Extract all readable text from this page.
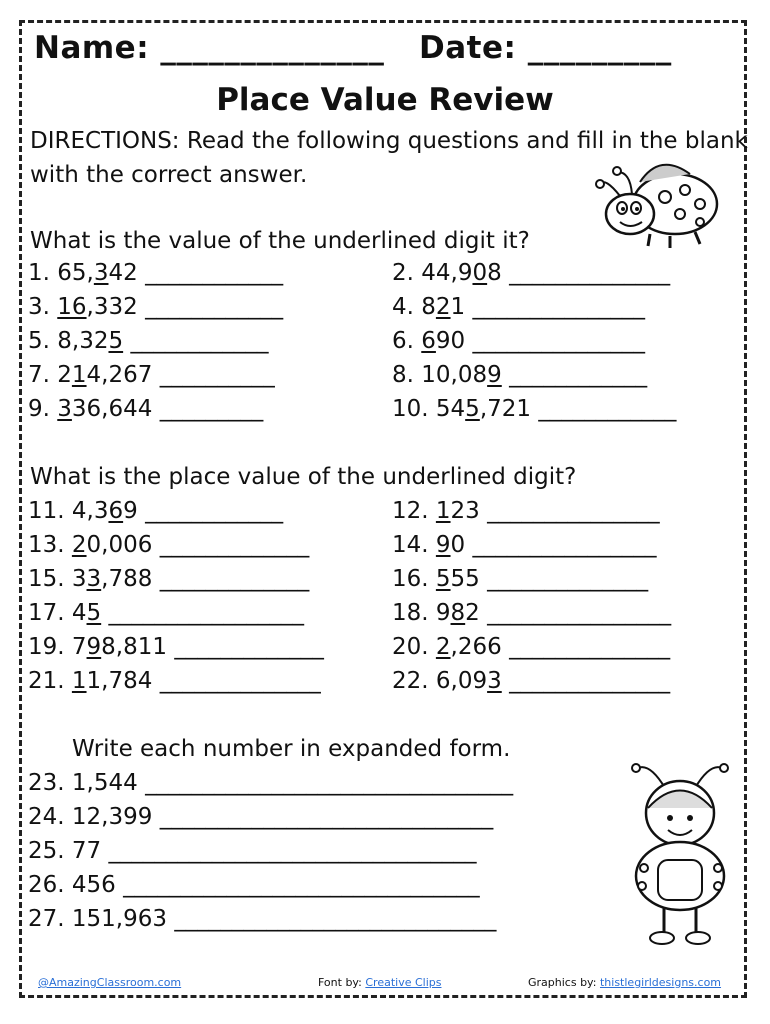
Name: ______________ Date: _________
Place Value Review
DIRECTIONS: Read the following questions and fill in the blank with the correct answer.
What is the value of the underlined digit it?
1. 65,342 ____________	2. 44,908 ______________
3. 16,332 ____________	4. 821 _______________
5. 8,325 ____________	6. 690 _______________
7. 214,267 __________	8. 10,089 ____________
9. 336,644 _________	10. 545,721 ____________
What is the place value of the underlined digit?
11. 4,369 ____________	12. 123 _______________
13. 20,006 _____________	14. 90 ________________
15. 33,788 _____________	16. 555 ______________
17. 45 _________________	18. 982 ________________
19. 798,811 _____________	20. 2,266 ______________
21. 11,784 ______________	22. 6,093 ______________
Write each number in expanded form.
23. 1,544 ________________________________
24. 12,399 _____________________________
25. 77 ________________________________
26. 456 _______________________________
27. 151,963 ____________________________
@AmazingClassroom.com	Font by: Creative Clips	Graphics by: thistlegirldesigns.com
